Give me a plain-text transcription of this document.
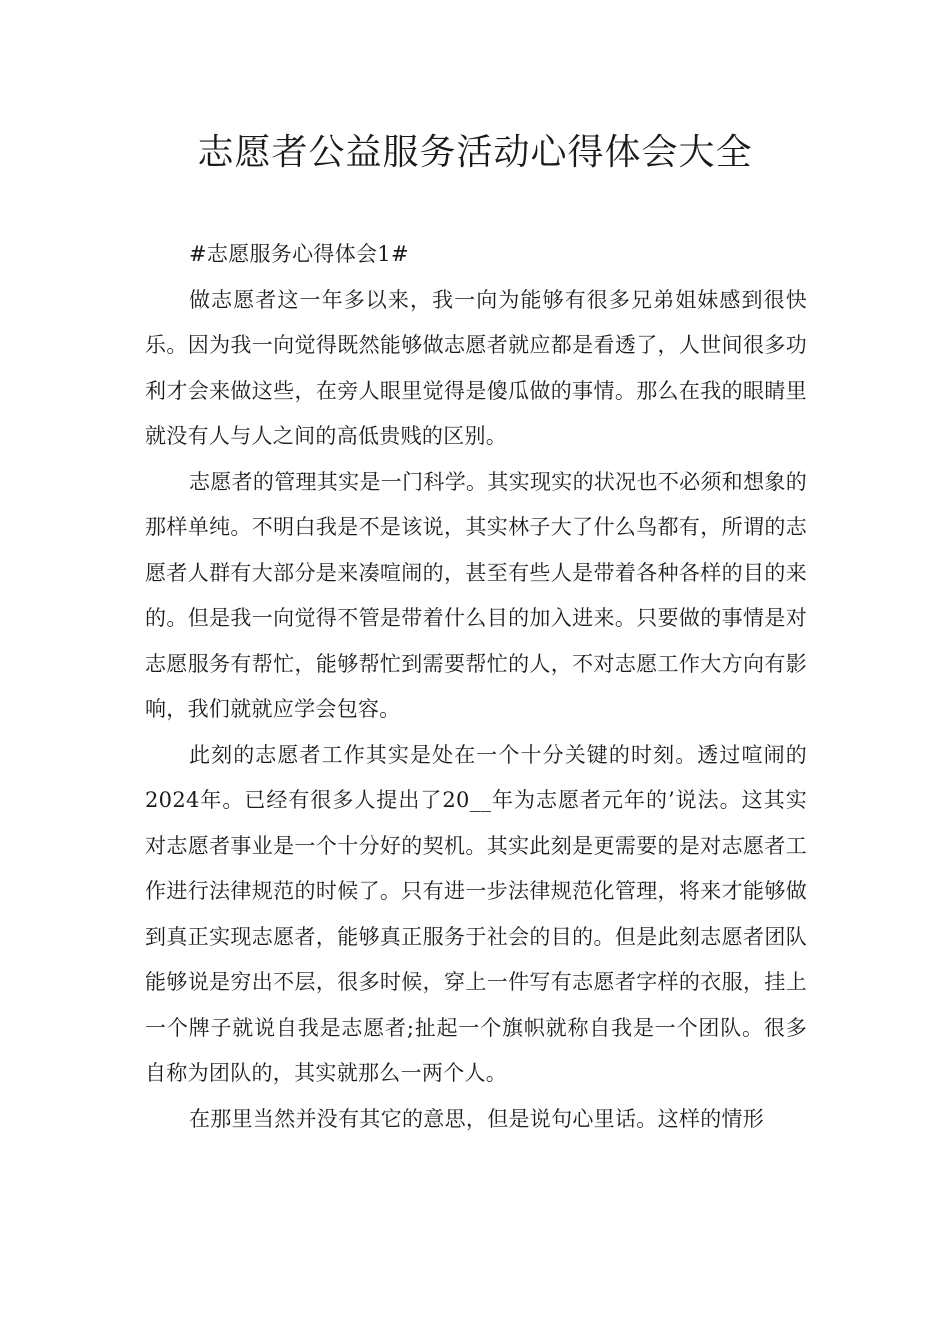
志愿者公益服务活动心得体会大全

#志愿服务心得体会1#

做志愿者这一年多以来，我一向为能够有很多兄弟姐妹感到很快乐。因为我一向觉得既然能够做志愿者就应都是看透了，人世间很多功利才会来做这些，在旁人眼里觉得是傻瓜做的事情。那么在我的眼睛里就没有人与人之间的高低贵贱的区别。

志愿者的管理其实是一门科学。其实现实的状况也不必须和想象的那样单纯。不明白我是不是该说，其实林子大了什么鸟都有，所谓的志愿者人群有大部分是来凑喧闹的，甚至有些人是带着各种各样的目的来的。但是我一向觉得不管是带着什么目的加入进来。只要做的事情是对志愿服务有帮忙，能够帮忙到需要帮忙的人，不对志愿工作大方向有影响，我们就就应学会包容。

此刻的志愿者工作其实是处在一个十分关键的时刻。透过喧闹的2024年。已经有很多人提出了20__年为志愿者元年的’说法。这其实对志愿者事业是一个十分好的契机。其实此刻是更需要的是对志愿者工作进行法律规范的时候了。只有进一步法律规范化管理，将来才能够做到真正实现志愿者，能够真正服务于社会的目的。但是此刻志愿者团队能够说是穷出不层，很多时候，穿上一件写有志愿者字样的衣服，挂上一个牌子就说自我是志愿者;扯起一个旗帜就称自我是一个团队。很多自称为团队的，其实就那么一两个人。

在那里当然并没有其它的意思，但是说句心里话。这样的情形
